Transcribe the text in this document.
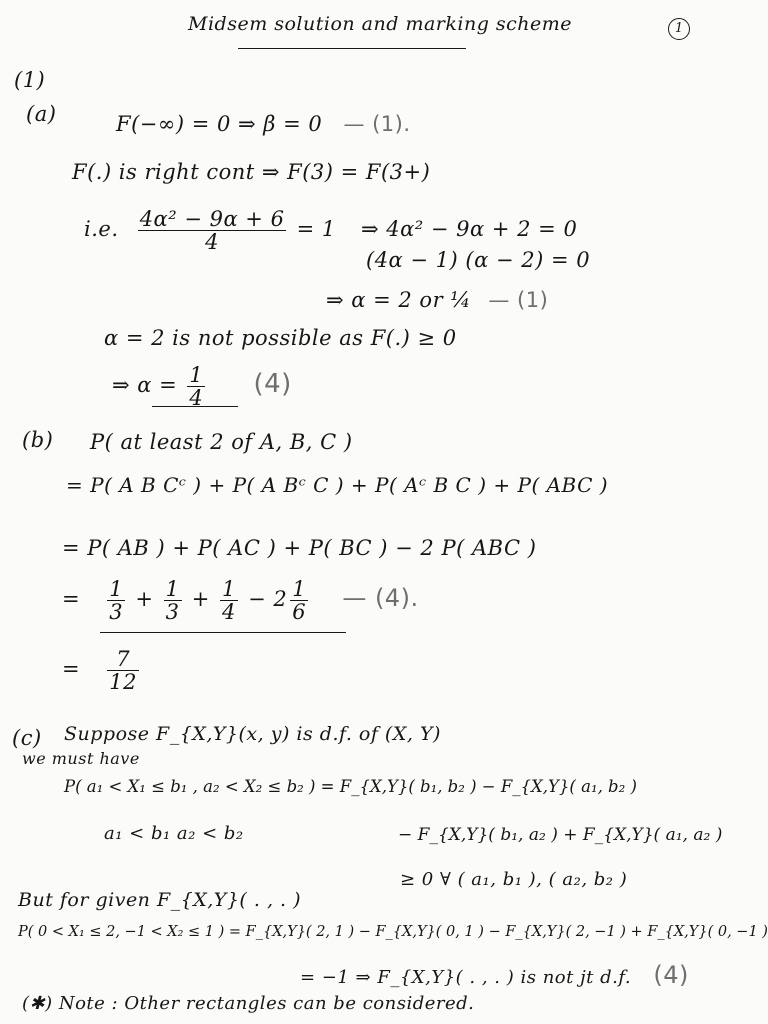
Midsem solution and marking scheme	1
(1)
(a)	F(−∞) = 0 ⇒ β = 0 — (1).
F(.) is right cont ⇒ F(3) = F(3+)
i.e. $\frac{\text{4α² − 9α + 6}}{4} = 1$ ⇒ 4α² − 9α + 2 = 0
(4α − 1) (α − 2) = 0
⇒ α = 2 or ¼ — (1)
α = 2 is not possible as F(.) ≥ 0
⇒ $\alpha = \frac{1}{4} (4)$
(b) P( at least 2 of A, B, C )
= P( A B Cᶜ ) + P( A Bᶜ C ) + P( Aᶜ B C ) + P( ABC )
= P( AB ) + P( AC ) + P( BC ) − 2 P( ABC )
= $\frac{1}{3} + \frac{1}{3} + \frac{1}{4} - 2 \frac{1}{6}$ — (4).
= $\frac{7}{12}$
(c) Suppose F_{X,Y}(x, y) is d.f. of (X, Y)
we must have
P( a₁ < X₁ ≤ b₁ , a₂ < X₂ ≤ b₂ ) = F_{X,Y}( b₁, b₂ ) − F_{X,Y}( a₁, b₂ )
a₁ < b₁ a₂ < b₂	− F_{X,Y}( b₁, a₂ ) + F_{X,Y}( a₁, a₂ )
≥ 0 ∀ ( a₁, b₁ ), ( a₂, b₂ )
But for given F_{X,Y}( . , . )
P( 0 < X₁ ≤ 2, −1 < X₂ ≤ 1 ) = F_{X,Y}( 2, 1 ) − F_{X,Y}( 0, 1 ) − F_{X,Y}( 2, −1 ) + F_{X,Y}( 0, −1 )
= −1 ⇒ F_{X,Y}( . , . ) is not jt d.f. (4)
(✱) Note : Other rectangles can be considered.
